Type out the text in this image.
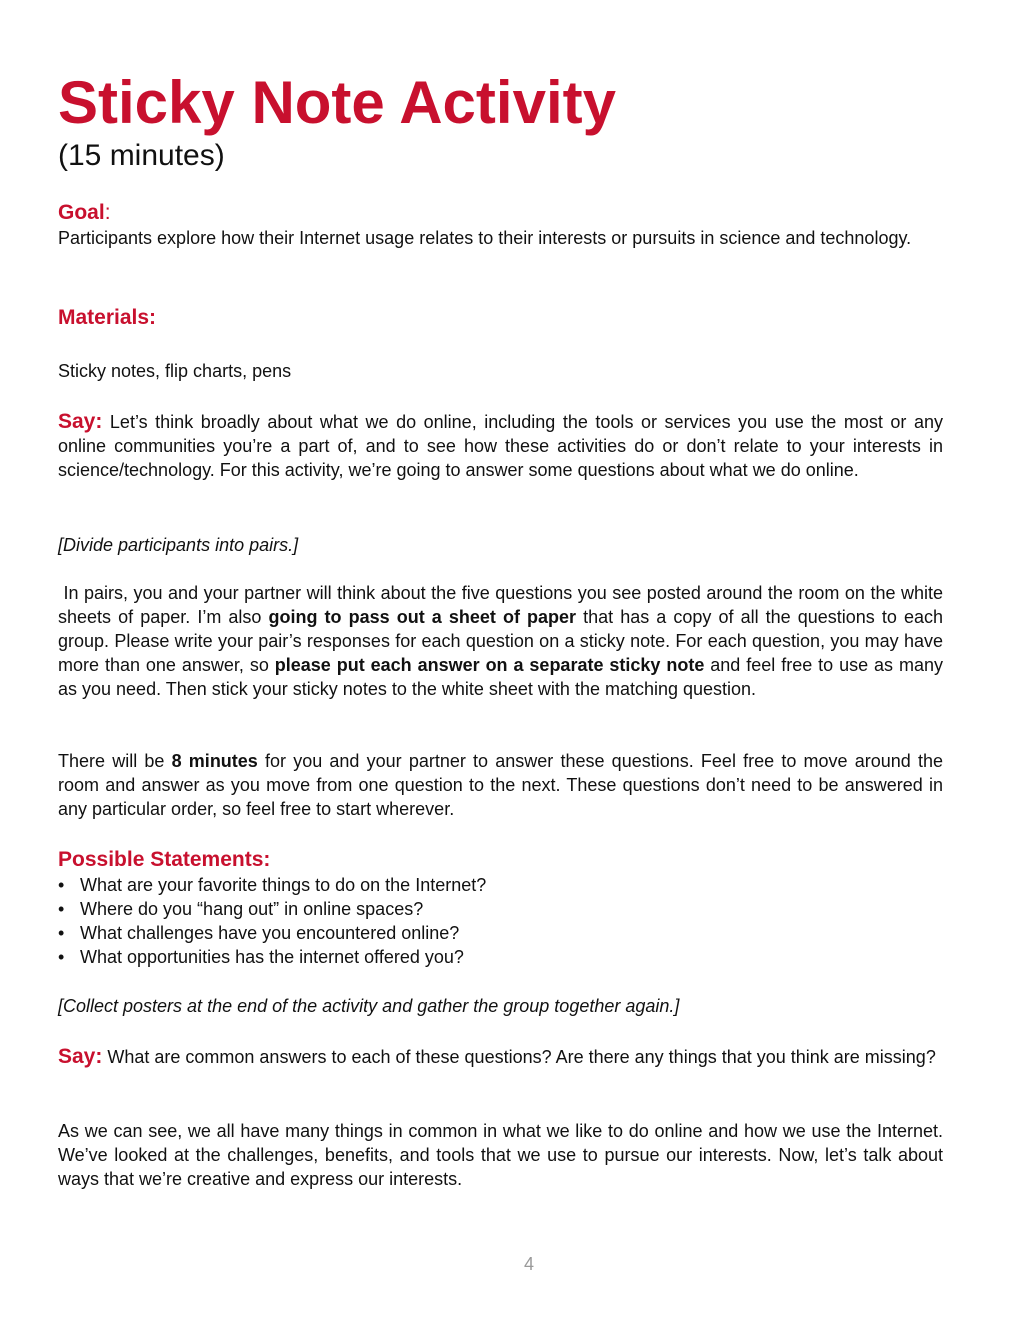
Sticky Note Activity
(15 minutes)
Goal:
Participants explore how their Internet usage relates to their interests or pursuits in science and technology.
Materials:
Sticky notes, flip charts, pens

Say: Let’s think broadly about what we do online, including the tools or services you use the most or any online communities you’re a part of, and to see how these activities do or don’t relate to your interests in science/technology. For this activity, we’re going to answer some questions about what we do online.

[Divide participants into pairs.]

In pairs, you and your partner will think about the five questions you see posted around the room on the white sheets of paper. I’m also going to pass out a sheet of paper that has a copy of all the questions to each group. Please write your pair’s responses for each question on a sticky note. For each question, you may have more than one answer, so please put each answer on a separate sticky note and feel free to use as many as you need. Then stick your sticky notes to the white sheet with the matching question.

There will be 8 minutes for you and your partner to answer these questions. Feel free to move around the room and answer as you move from one question to the next. These questions don’t need to be answered in any particular order, so feel free to start wherever.

Possible Statements:
• What are your favorite things to do on the Internet?
• Where do you “hang out” in online spaces?
• What challenges have you encountered online?
• What opportunities has the internet offered you?
[Collect posters at the end of the activity and gather the group together again.]

Say: What are common answers to each of these questions? Are there any things that you think are missing?

As we can see, we all have many things in common in what we like to do online and how we use the Internet. We’ve looked at the challenges, benefits, and tools that we use to pursue our interests. Now, let’s talk about ways that we’re creative and express our interests.

4
